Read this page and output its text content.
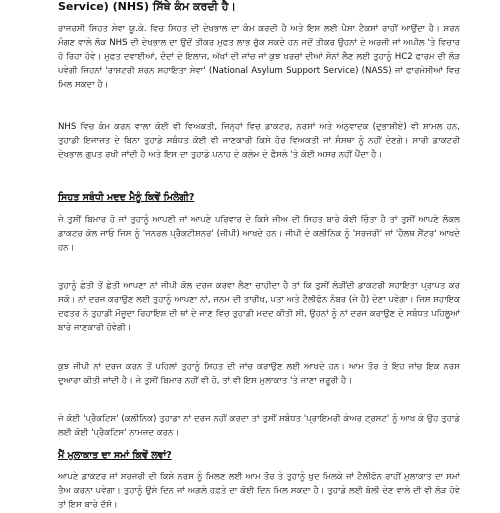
Service) (NHS) ਸਿੱਥੇ ਕੰਮ ਕਰਦੀ ਹੈ।

ਰਾਜਰਸੀ ਸਿਹਤ ਸੇਵਾ ਯੂ.ਕੇ. ਵਿਚ ਸਿਹਤ ਦੀ ਦੇਖਭਾਲ ਦਾ ਕੰਮ ਕਰਦੀ ਹੈ ਅਤੇ ਇਸ ਲਈ ਪੈਸਾ ਟੈਕਸਾਂ ਰਾਹੀਂ ਆਉਂਦਾ ਹੈ। ਸ਼ਰਨ ਮੰਗਣ ਵਾਲੇ ਲੋਕ NHS ਦੀ ਦੇਖਭਾਲ ਦਾ ਉਦੋਂ ਤੀਕਰ ਮੁਫਤ ਲਾਭ ਚੁੱਕ ਸਕਦੇ ਹਨ ਜਦੋਂ ਤੀਕਰ ਉਹਨਾਂ ਦੇ ਅਰਜ਼ੀ ਜਾਂ ਅਪੀਲ 'ਤੇ ਵਿਚਾਰ ਹੋ ਰਿਹਾ ਹੋਵੇ। ਮੁਫਤ ਦਵਾਈਆਂ, ਦੰਦਾਂ ਦੇ ਇਲਾਜ, ਅੱਖਾਂ ਦੀ ਜਾਂਚ ਜਾਂ ਕੁਝ ਖਰਚਾਂ ਦੀਆਂ ਸੋਨਾਂ ਲੈਣ ਲਈ ਤੁਹਾਨੂੰ HC2 ਫਾਰਮ ਦੀ ਲੋੜ ਪਵੇਗੀ ਜਿਹਨਾਂ 'ਰਾਸ਼ਟਰੀ ਸ਼ਰਨ ਸਹਾਇਤਾ ਸੇਵਾ' (National Asylum Support Service) (NASS) ਜਾਂ ਫਾਰਮੇਸੀਆਂ ਵਿਚ ਮਿਲ ਸਕਦਾ ਹੈ।

NHS ਵਿਚ ਕੰਮ ਕਰਨ ਵਾਲਾ ਕੋਈ ਵੀ ਵਿਅਕਤੀ, ਜਿਨ੍ਹਾਂ ਵਿਚ ਡਾਕਟਰ, ਨਰਸਾਂ ਅਤੇ ਅਨੁਵਾਦਕ (ਦੁਭਾਸ਼ੀਏ) ਵੀ ਸ਼ਾਮਲ ਹਨ, ਤੁਹਾਡੀ ਇਜਾਜ਼ਤ ਦੇ ਬਿਨਾ ਤੁਹਾਡੇ ਸਬੰਧਤ ਕੋਈ ਵੀ ਜਾਣਕਾਰੀ ਕਿਸੇ ਹੋਰ ਵਿਅਕਤੀ ਜਾਂ ਸੰਸਥਾ ਨੂੰ ਨਹੀਂ ਦੇਣਗੇ। ਸਾਰੀ ਡਾਕਟਰੀ ਦੇਖਭਾਲ ਗੁਪਤ ਰਖੀ ਜਾਂਦੀ ਹੈ ਅਤੇ ਇਸ ਦਾ ਤੁਹਾਡੇ ਪਨਾਹ ਦੇ ਕਲੇਮ ਦੇ ਫੈਸਲੇ 'ਤੇ ਕੋਈ ਅਸਰ ਨਹੀਂ ਪੈਂਦਾ ਹੈ।

ਸਿਹਤ ਸਬੰਧੀ ਮਦਦ ਮੈਨੂੰ ਕਿਵੇਂ ਮਿਲੇਗੀ?

ਜੇ ਤੁਸੀਂ ਬਿਮਾਰ ਹੋ ਜਾਂ ਤੁਹਾਨੂੰ ਆਪਣੀ ਜਾਂ ਆਪਣੇ ਪਰਿਵਾਰ ਦੇ ਕਿਸੇ ਜੀਅ ਦੀ ਸਿਹਤ ਬਾਰੇ ਕੋਈ ਚਿੰਤਾ ਹੈ ਤਾਂ ਤੁਸੀਂ ਆਪਣੇ ਲੋਕਲ ਡਾਕਟਰ ਕੋਲ ਜਾਓ ਜਿਸ ਨੂੰ 'ਜਨਰਲ ਪ੍ਰੈਕਟੀਸ਼ਨਰ' (ਜੀਪੀ) ਆਖਦੇ ਹਨ। ਜੀਪੀ ਦੇ ਕਲੀਨਿਕ ਨੂੰ 'ਸਰਜਰੀ' ਜਾਂ 'ਹੈਲਥ ਸੈਂਟਰ' ਆਖਦੇ ਹਨ।

ਤੁਹਾਨੂੰ ਛੇਤੀ ਤੋਂ ਛੇਤੀ ਆਪਣਾ ਨਾਂ ਜੀਪੀ ਕੋਲ ਦਰਜ ਕਰਵਾ ਲੈਣਾ ਚਾਹੀਦਾ ਹੈ ਤਾਂ ਕਿ ਤੁਸੀਂ ਲੋੜੀਂਦੀ ਡਾਕਟਰੀ ਸਹਾਇਤਾ ਪ੍ਰਾਪਤ ਕਰ ਸਕੋ। ਨਾਂ ਦਰਜ ਕਰਾਉਣ ਲਈ ਤੁਹਾਨੂੰ ਆਪਣਾ ਨਾਂ, ਜਨਮ ਦੀ ਤਾਰੀਖ, ਪਤਾ ਅਤੇ ਟੈਲੀਫੋਨ ਨੰਬਰ (ਜੇ ਹੈ) ਦੇਣਾ ਪਵੇਗਾ। ਜਿਸ ਸਹਾਇਕ ਦਫਤਰ ਨੇ ਤੁਹਾਡੀ ਮੌਜੂਦਾ ਰਿਹਾਇਸ਼ ਦੀ ਥਾਂ ਦੇ ਜਾਣ ਵਿਚ ਤੁਹਾਡੀ ਮਦਦ ਕੀਤੀ ਸੀ, ਉਹਨਾਂ ਨੂੰ ਨਾਂ ਦਰਜ ਕਰਾਉਣ ਦੇ ਸਬੰਧਤ ਪਹਿਲੂਆਂ ਬਾਰੇ ਜਾਣਕਾਰੀ ਹੋਵੇਗੀ।

ਕੁਝ ਜੀਪੀ ਨਾਂ ਦਰਜ ਕਰਨ ਤੋਂ ਪਹਿਲਾਂ ਤੁਹਾਨੂੰ ਸਿਹਤ ਦੀ ਜਾਂਚ ਕਰਾਉਣ ਲਈ ਆਖਦੇ ਹਨ। ਆਮ ਤੌਰ ਤੇ ਇਹ ਜਾਂਚ ਇਕ ਨਰਸ ਦੁਆਰਾ ਕੀਤੀ ਜਾਂਦੀ ਹੈ। ਜੇ ਤੁਸੀਂ ਬਿਮਾਰ ਨਹੀਂ ਵੀ ਹੋ, ਤਾਂ ਵੀ ਇਸ ਮੁਲਾਕਾਤ 'ਤੇ ਜਾਣਾ ਜ਼ਰੂਰੀ ਹੈ।

ਜੇ ਕੋਈ 'ਪ੍ਰੈਕਟਿਸ' (ਕਲੀਨਿਕ) ਤੁਹਾਡਾ ਨਾਂ ਦਰਜ ਨਹੀਂ ਕਰਦਾ ਤਾਂ ਤੁਸੀਂ ਸਬੰਧਤ 'ਪ੍ਰਾਇਮਰੀ ਕੇਅਰ ਟ੍ਰਸਟ' ਨੂੰ ਆਖ ਕੇ ਉਹ ਤੁਹਾਡੇ ਲਈ ਕੋਈ 'ਪ੍ਰੈਕਟਿਸ' ਨਾਮਜ਼ਦ ਕਰਨ।

ਮੈਂ ਮੁਲਾਕਾਤ ਦਾ ਸਮਾਂ ਕਿਵੇਂ ਲਵਾਂ?

ਆਪਣੇ ਡਾਕਟਰ ਜਾਂ ਸਰਜਰੀ ਦੀ ਕਿਸੇ ਨਰਸ ਨੂੰ ਮਿਲਣ ਲਈ ਆਮ ਤੌਰ ਤੇ ਤੁਹਾਨੂੰ ਖੁਦ ਮਿਲਕੇ ਜਾਂ ਟੈਲੀਫੋਨ ਰਾਹੀਂ ਮੁਲਾਕਾਤ ਦਾ ਸਮਾਂ ਤੈਅ ਕਰਨਾ ਪਵੇਗਾ। ਤੁਹਾਨੂੰ ਉਸੇ ਦਿਨ ਜਾਂ ਅਗਲੇ ਹਫ਼ਤੇ ਦਾ ਕੋਈ ਦਿਨ ਮਿਲ ਸਕਦਾ ਹੈ। ਤੁਹਾਡੇ ਲਈ ਬੋਲੀ ਦੇਣ ਵਾਲੇ ਦੀ ਵੀ ਲੋੜ ਹੋਵੇ ਤਾਂ ਇਸ ਬਾਰੇ ਦੱਸੋ।
